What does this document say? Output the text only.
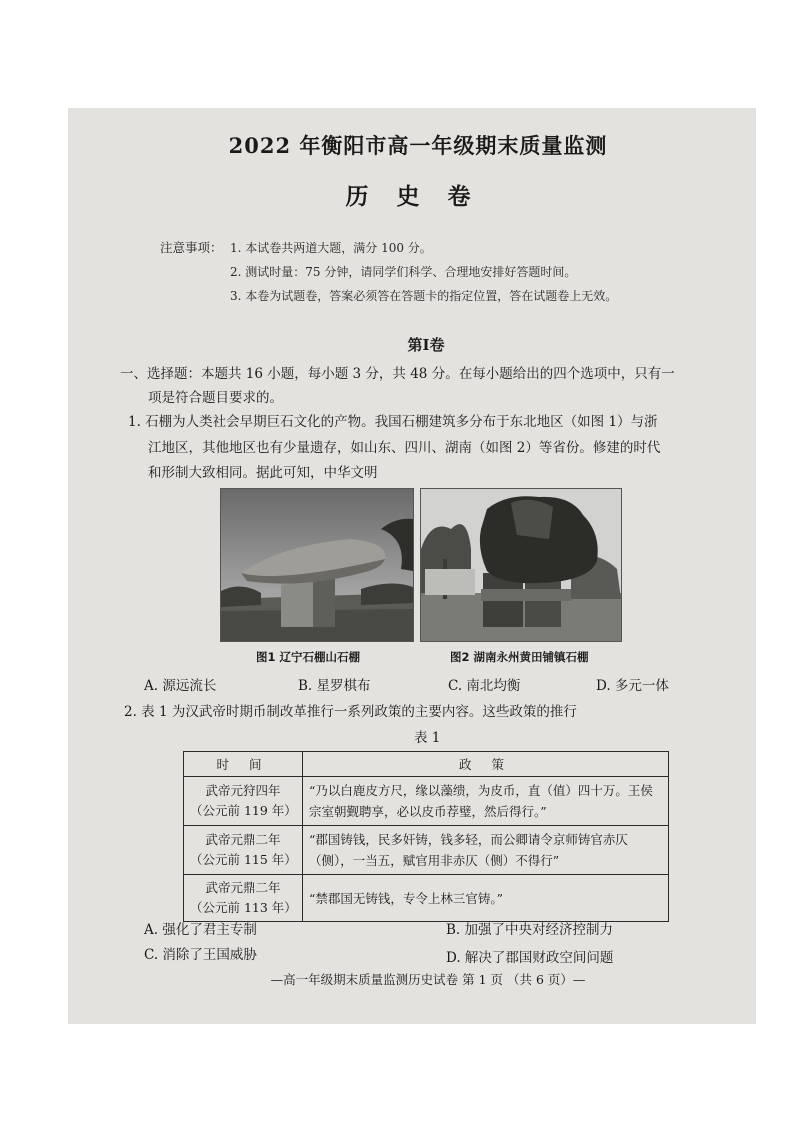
2022 年衡阳市高一年级期末质量监测
历 史 卷
注意事项： 1. 本试卷共两道大题，满分 100 分。
2. 测试时量：75 分钟，请同学们科学、合理地安排好答题时间。
3. 本卷为试题卷，答案必须答在答题卡的指定位置，答在试题卷上无效。
第Ⅰ卷
一、选择题：本题共 16 小题，每小题 3 分，共 48 分。在每小题给出的四个选项中，只有一
项是符合题目要求的。
1. 石棚为人类社会早期巨石文化的产物。我国石棚建筑多分布于东北地区（如图 1）与浙
江地区，其他地区也有少量遗存，如山东、四川、湖南（如图 2）等省份。修建的时代
和形制大致相同。据此可知，中华文明
图1 辽宁石棚山石棚	图2 湖南永州黄田铺镇石棚
A. 源远流长	B. 星罗棋布	C. 南北均衡	D. 多元一体
2. 表 1 为汉武帝时期币制改革推行一系列政策的主要内容。这些政策的推行
表 1
时 间	政 策

武帝元狩四年
（公元前 119 年）	“乃以白鹿皮方尺，缘以藻缋，为皮币，直（值）四十万。王侯宗室朝觐聘享，必以皮币荐璧，然后得行。”

武帝元鼎二年
（公元前 115 年）	“郡国铸钱，民多奸铸，钱多轻，而公卿请令京师铸官赤仄（侧），一当五，赋官用非赤仄（侧）不得行”

武帝元鼎二年
（公元前 113 年）	“禁郡国无铸钱，专令上林三官铸。”
A. 强化了君主专制	B. 加强了中央对经济控制力
C. 消除了王国威胁	D. 解决了郡国财政空间问题
—高一年级期末质量监测历史试卷 第 1 页 （共 6 页）—
